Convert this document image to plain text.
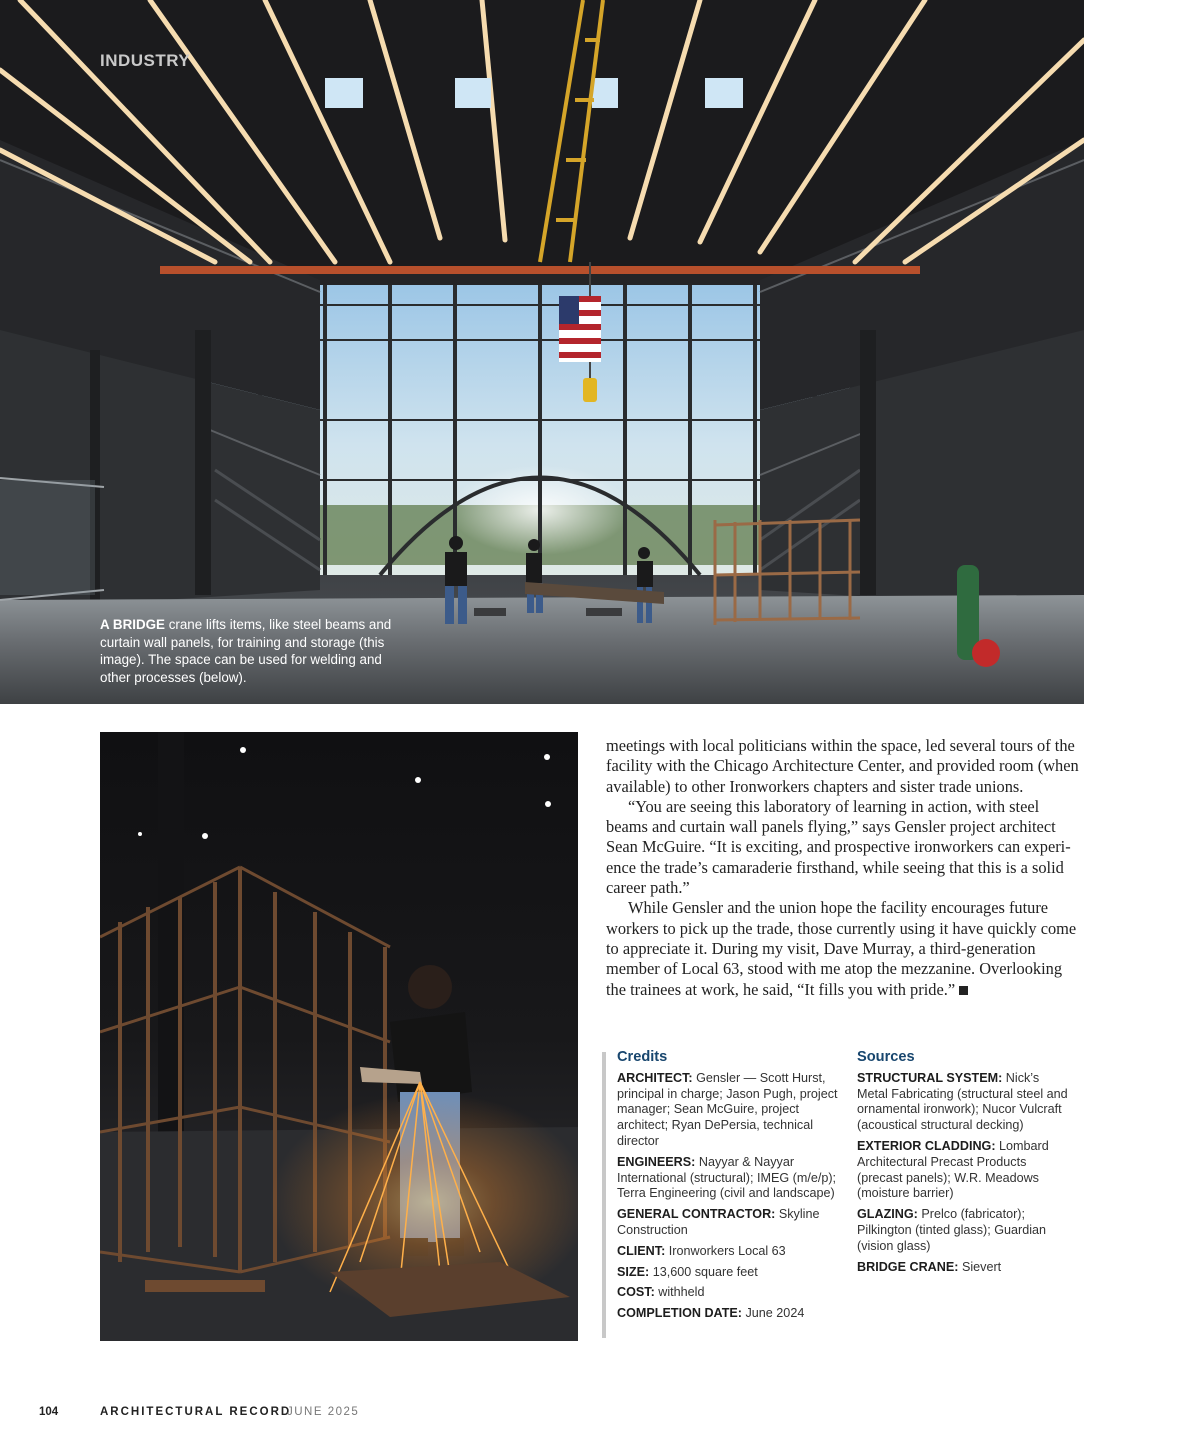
INDUSTRY
A BRIDGE crane lifts items, like steel beams and curtain wall panels, for training and storage (this image). The space can be used for welding and other processes (below).

meetings with local politicians within the space, led several tours of the facility with the Chicago Architecture Center, and provided room (when available) to other Ironworkers chapters and sister trade unions.

“You are seeing this laboratory of learning in action, with steel beams and curtain wall panels flying,” says Gensler project architect Sean McGuire. “It is exciting, and prospective ironworkers can experience the trade’s camaraderie firsthand, while seeing that this is a solid career path.”

While Gensler and the union hope the facility encourages future workers to pick up the trade, those currently using it have quickly come to appreciate it. During my visit, Dave Murray, a third-generation member of Local 63, stood with me atop the mezzanine. Overlooking the trainees at work, he said, “It fills you with pride.”

Credits
ARCHITECT: Gensler — Scott Hurst, principal in charge; Jason Pugh, project manager; Sean McGuire, project architect; Ryan DePersia, technical director
ENGINEERS: Nayyar & Nayyar International (structural); IMEG (m/e/p); Terra Engineering (civil and landscape)
GENERAL CONTRACTOR: Skyline Construction
CLIENT: Ironworkers Local 63
SIZE: 13,600 square feet
COST: withheld
COMPLETION DATE: June 2024
Sources
STRUCTURAL SYSTEM: Nick’s Metal Fabricating (structural steel and ornamental ironwork); Nucor Vulcraft (acoustical structural decking)
EXTERIOR CLADDING: Lombard Architectural Precast Products (precast panels); W.R. Meadows (moisture barrier)
GLAZING: Prelco (fabricator); Pilkington (tinted glass); Guardian (vision glass)
BRIDGE CRANE: Sievert
104	ARCHITECTURAL RECORD
JUNE 2025
